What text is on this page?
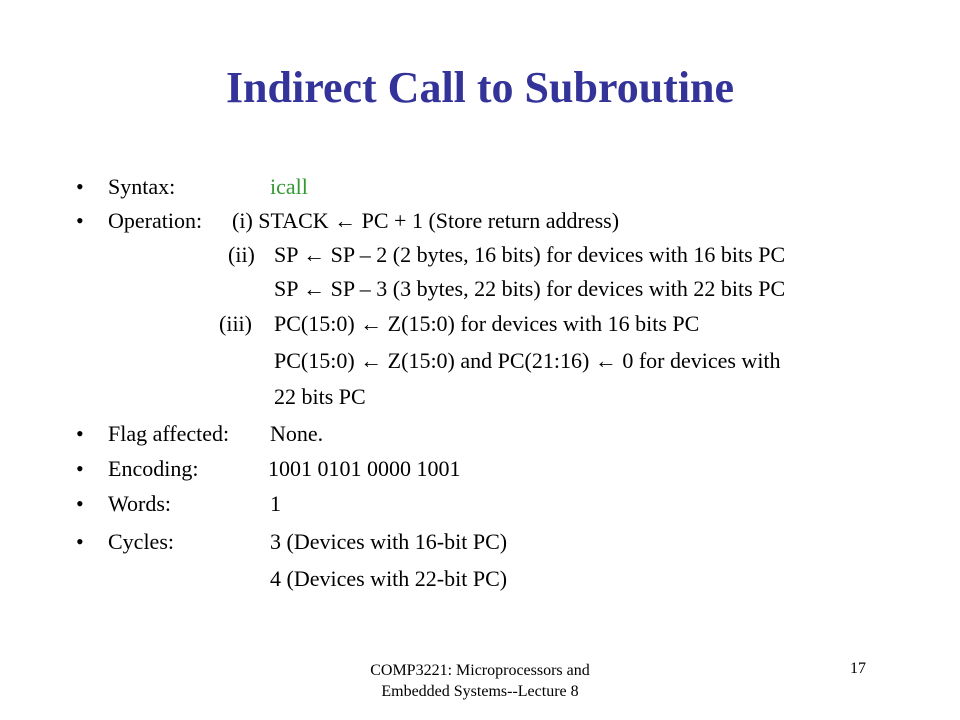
Indirect Call to Subroutine
• Syntax:	icall
• Operation: (i) STACK ← PC + 1 (Store return address)
(ii) SP ← SP – 2 (2 bytes, 16 bits) for devices with 16 bits PC
SP ← SP – 3 (3 bytes, 22 bits) for devices with 22 bits PC
(iii) PC(15:0) ← Z(15:0) for devices with 16 bits PC
PC(15:0) ← Z(15:0) and PC(21:16) ← 0 for devices with
22 bits PC
• Flag affected: None.
• Encoding:	1001 0101 0000 1001
• Words:	1
• Cycles:	3 (Devices with 16-bit PC)
4 (Devices with 22-bit PC)
COMP3221: Microprocessors and
Embedded Systems--Lecture 8
17
